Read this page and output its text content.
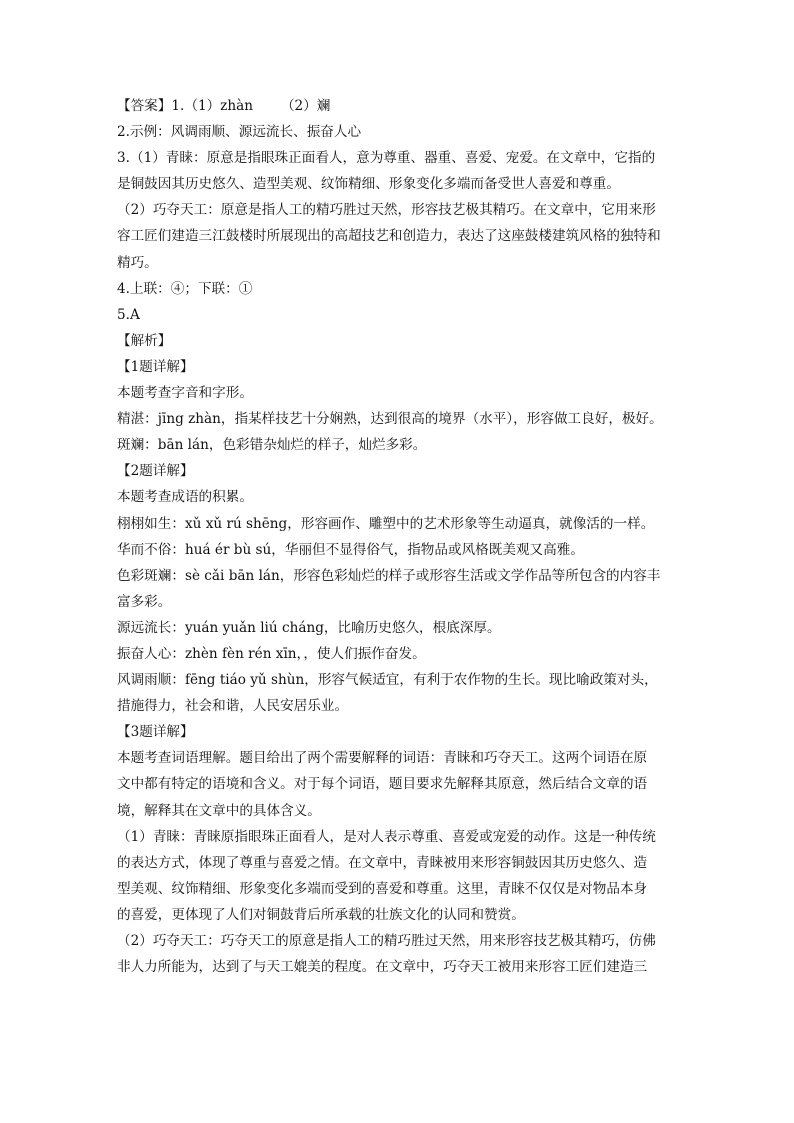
【答案】1.（1）zhàn （2）斓
2.示例：风调雨顺、源远流长、振奋人心
3.（1）青睐：原意是指眼珠正面看人，意为尊重、器重、喜爱、宠爱。在文章中，它指的
是铜鼓因其历史悠久、造型美观、纹饰精细、形象变化多端而备受世人喜爱和尊重。
（2）巧夺天工：原意是指人工的精巧胜过天然，形容技艺极其精巧。在文章中，它用来形
容工匠们建造三江鼓楼时所展现出的高超技艺和创造力，表达了这座鼓楼建筑风格的独特和
精巧。
4.上联：④；下联：①
5.A
【解析】
【1题详解】
本题考查字音和字形。
精湛：jīng zhàn，指某样技艺十分娴熟，达到很高的境界（水平），形容做工良好，极好。
斑斓：bān lán，色彩错杂灿烂的样子，灿烂多彩。
【2题详解】
本题考查成语的积累。
栩栩如生：xǔ xǔ rú shēng，形容画作、雕塑中的艺术形象等生动逼真，就像活的一样。
华而不俗：huá ér bù sú，华丽但不显得俗气，指物品或风格既美观又高雅。
色彩斑斓：sè cǎi bān lán，形容色彩灿烂的样子或形容生活或文学作品等所包含的内容丰
富多彩。
源远流长：yuán yuǎn liú cháng，比喻历史悠久，根底深厚。
振奋人心：zhèn fèn rén xīn，，使人们振作奋发。
风调雨顺：fēng tiáo yǔ shùn，形容气候适宜，有利于农作物的生长。现比喻政策对头，
措施得力，社会和谐，人民安居乐业。
【3题详解】
本题考查词语理解。题目给出了两个需要解释的词语：青睐和巧夺天工。这两个词语在原
文中都有特定的语境和含义。对于每个词语，题目要求先解释其原意，然后结合文章的语
境，解释其在文章中的具体含义。
（1）青睐：青睐原指眼珠正面看人，是对人表示尊重、喜爱或宠爱的动作。这是一种传统
的表达方式，体现了尊重与喜爱之情。在文章中，青睐被用来形容铜鼓因其历史悠久、造
型美观、纹饰精细、形象变化多端而受到的喜爱和尊重。这里，青睐不仅仅是对物品本身
的喜爱，更体现了人们对铜鼓背后所承载的壮族文化的认同和赞赏。
（2）巧夺天工：巧夺天工的原意是指人工的精巧胜过天然，用来形容技艺极其精巧，仿佛
非人力所能为，达到了与天工媲美的程度。在文章中，巧夺天工被用来形容工匠们建造三
